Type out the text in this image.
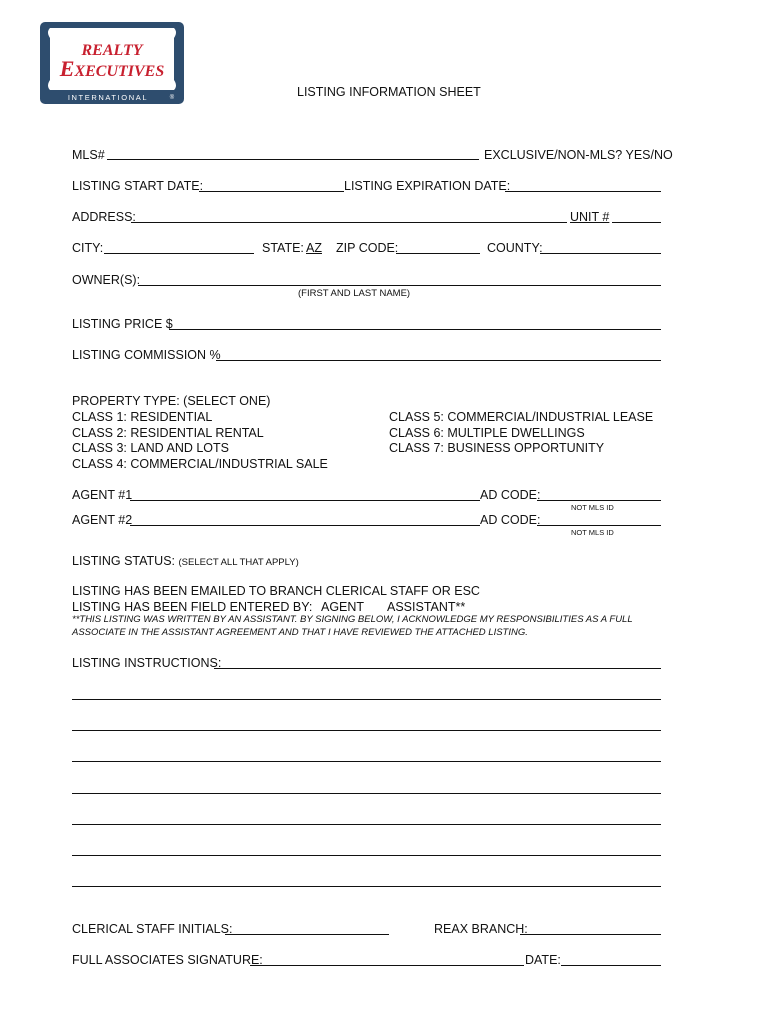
REALTY
EXECUTIVES
INTERNATIONAL	®	LISTING INFORMATION SHEET
MLS#	EXCLUSIVE/NON-MLS? YES/NO
LISTING START DATE:	LISTING EXPIRATION DATE:
ADDRESS:	UNIT #
CITY:	STATE: AZ ZIP CODE:	COUNTY:
OWNER(S):
(FIRST AND LAST NAME)
LISTING PRICE $
LISTING COMMISSION %
PROPERTY TYPE: (SELECT ONE)
CLASS 1: RESIDENTIAL
CLASS 2: RESIDENTIAL RENTAL
CLASS 3: LAND AND LOTS
CLASS 4: COMMERCIAL/INDUSTRIAL SALE
CLASS 5: COMMERCIAL/INDUSTRIAL LEASE
CLASS 6: MULTIPLE DWELLINGS
CLASS 7: BUSINESS OPPORTUNITY
AGENT #1	AD CODE:
NOT MLS ID
AGENT #2	AD CODE:
NOT MLS ID
LISTING STATUS: (SELECT ALL THAT APPLY)
LISTING HAS BEEN EMAILED TO BRANCH CLERICAL STAFF OR ESC
LISTING HAS BEEN FIELD ENTERED BY: AGENT ASSISTANT**
**THIS LISTING WAS WRITTEN BY AN ASSISTANT. BY SIGNING BELOW, I ACKNOWLEDGE MY RESPONSIBILITIES AS A FULL
ASSOCIATE IN THE ASSISTANT AGREEMENT AND THAT I HAVE REVIEWED THE ATTACHED LISTING.
LISTING INSTRUCTIONS:
CLERICAL STAFF INITIALS:	REAX BRANCH:
FULL ASSOCIATES SIGNATURE:	DATE:
